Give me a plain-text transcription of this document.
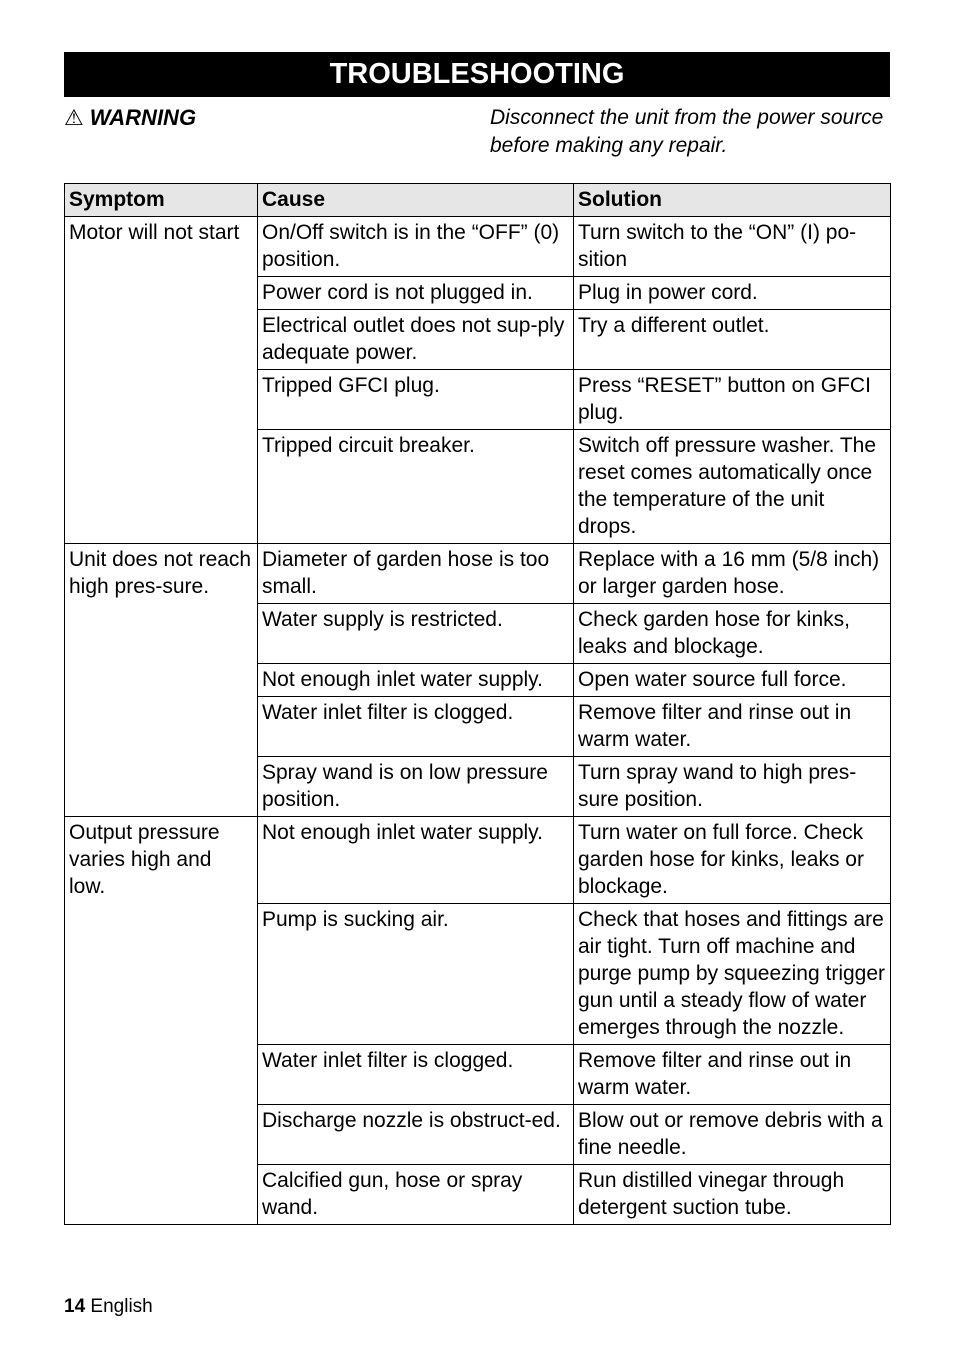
TROUBLESHOOTING
⚠ WARNING	Disconnect the unit from the power source before making any repair.
Symptom	Cause	Solution
Motor will not start	On/Off switch is in the “OFF” (0) position.	Turn switch to the “ON” (I) po-sition
	Power cord is not plugged in.	Plug in power cord.
	Electrical outlet does not sup-ply adequate power.	Try a different outlet.
	Tripped GFCI plug.	Press “RESET” button on GFCI plug.
	Tripped circuit breaker.	Switch off pressure washer. The reset comes automatically once the temperature of the unit drops.
Unit does not reach high pres-sure.	Diameter of garden hose is too small.	Replace with a 16 mm (5/8 inch) or larger garden hose.
	Water supply is restricted.	Check garden hose for kinks, leaks and blockage.
	Not enough inlet water supply.	Open water source full force.
	Water inlet filter is clogged.	Remove filter and rinse out in warm water.
	Spray wand is on low pressure position.	Turn spray wand to high pres-sure position.
Output pressure varies high and low.	Not enough inlet water supply.	Turn water on full force. Check garden hose for kinks, leaks or blockage.
	Pump is sucking air.	Check that hoses and fittings are air tight. Turn off machine and purge pump by squeezing trigger gun until a steady flow of water emerges through the nozzle.
	Water inlet filter is clogged.	Remove filter and rinse out in warm water.
	Discharge nozzle is obstruct-ed.	Blow out or remove debris with a fine needle.
	Calcified gun, hose or spray wand.	Run distilled vinegar through detergent suction tube.
14 English
